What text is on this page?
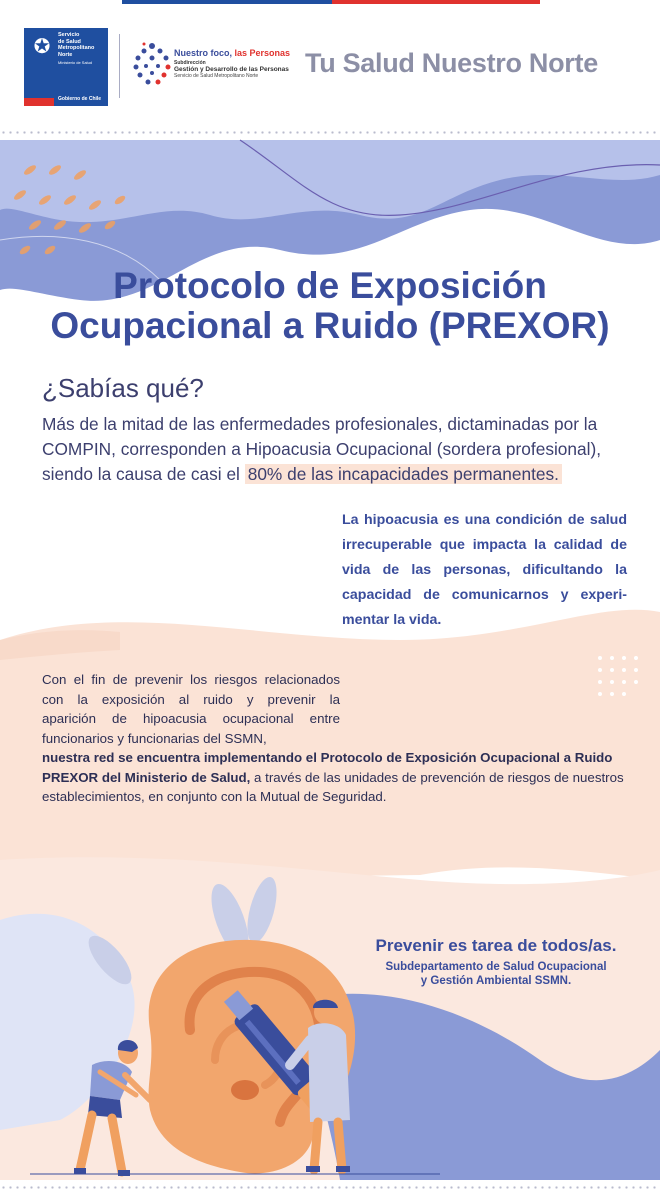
✪	Servicio
de Salud
Metropolitano
Norte
Ministerio de Salud
Gobierno de Chile
Nuestro foco, las Personas
Subdirección
Gestión y Desarrollo de las Personas
Servicio de Salud Metropolitano Norte	Tu Salud Nuestro Norte
Protocolo de Exposición
Ocupacional a Ruido (PREXOR)
¿Sabías qué?
Más de la mitad de las enfermedades profesionales, dictaminadas por la COMPIN, corresponden a Hipoacusia Ocupacional (sordera profesional), siendo la causa de casi el 80% de las incapacidades permanentes.
La hipoacusia es una condición de salud irrecuperable que impacta la calidad de vida de las personas, dificultando la capacidad de comunicarnos y experi- mentar la vida.
Con el fin de prevenir los riesgos relacionados
con la exposición al ruido y prevenir la
aparición de hipoacusia ocupacional entre
funcionarios y funcionarias del SSMN,
nuestra red se encuentra implementando el Protocolo de Exposición Ocupacional a Ruido PREXOR del Ministerio de Salud, a través de las unidades de prevención de riesgos de nuestros establecimientos, en conjunto con la Mutual de Seguridad.
Prevenir es tarea de todos/as.
Subdepartamento de Salud Ocupacional
y Gestión Ambiental SSMN.
